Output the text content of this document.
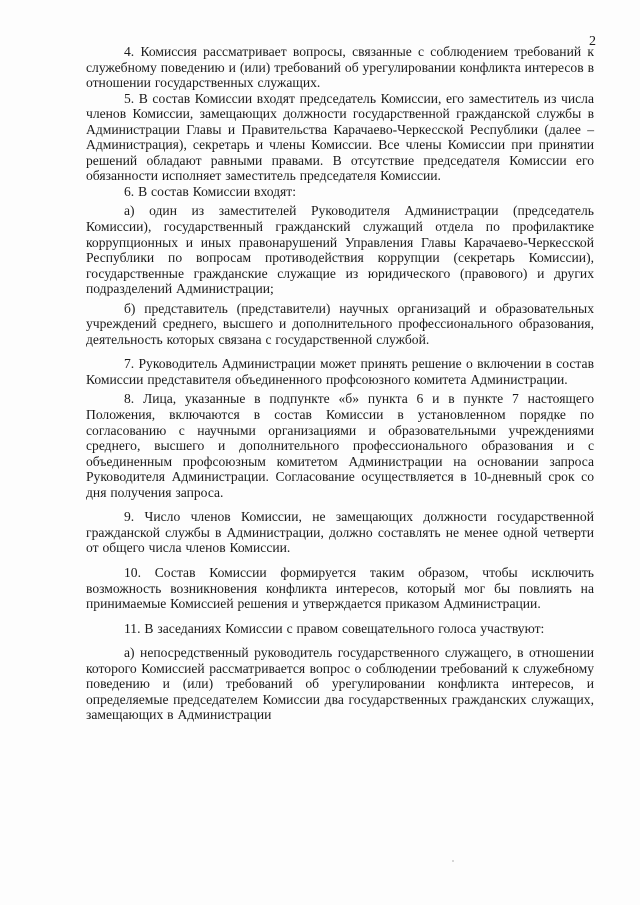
2

4. Комиссия рассматривает вопросы, связанные с соблюдением требований к служебному поведению и (или) требований об урегулировании конфликта интересов в отношении государственных служащих.

5. В состав Комиссии входят председатель Комиссии, его заместитель из числа членов Комиссии, замещающих должности государственной гражданской службы в Администрации Главы и Правительства Карачаево-Черкесской Республики (далее – Администрация), секретарь и члены Комиссии. Все члены Комиссии при принятии решений обладают равными правами. В отсутствие председателя Комиссии его обязанности исполняет заместитель председателя Комиссии.

6. В состав Комиссии входят:

а) один из заместителей Руководителя Администрации (председатель Комиссии), государственный гражданский служащий отдела по профилактике коррупционных и иных правонарушений Управления Главы Карачаево-Черкесской Республики по вопросам противодействия коррупции (секретарь Комиссии), государственные гражданские служащие из юридического (правового) и других подразделений Администрации;

б) представитель (представители) научных организаций и образовательных учреждений среднего, высшего и дополнительного профессионального образования, деятельность которых связана с государственной службой.

7. Руководитель Администрации может принять решение о включении в состав Комиссии представителя объединенного профсоюзного комитета Администрации.

8. Лица, указанные в подпункте «б» пункта 6 и в пункте 7 настоящего Положения, включаются в состав Комиссии в установленном порядке по согласованию с научными организациями и образовательными учреждениями среднего, высшего и дополнительного профессионального образования и с объединенным профсоюзным комитетом Администрации на основании запроса Руководителя Администрации. Согласование осуществляется в 10-дневный срок со дня получения запроса.

9. Число членов Комиссии, не замещающих должности государственной гражданской службы в Администрации, должно составлять не менее одной четверти от общего числа членов Комиссии.

10. Состав Комиссии формируется таким образом, чтобы исключить возможность возникновения конфликта интересов, который мог бы повлиять на принимаемые Комиссией решения и утверждается приказом Администрации.

11. В заседаниях Комиссии с правом совещательного голоса участвуют:

а) непосредственный руководитель государственного служащего, в отношении которого Комиссией рассматривается вопрос о соблюдении требований к служебному поведению и (или) требований об урегулировании конфликта интересов, и определяемые председателем Комиссии два государственных гражданских служащих, замещающих в Администрации
